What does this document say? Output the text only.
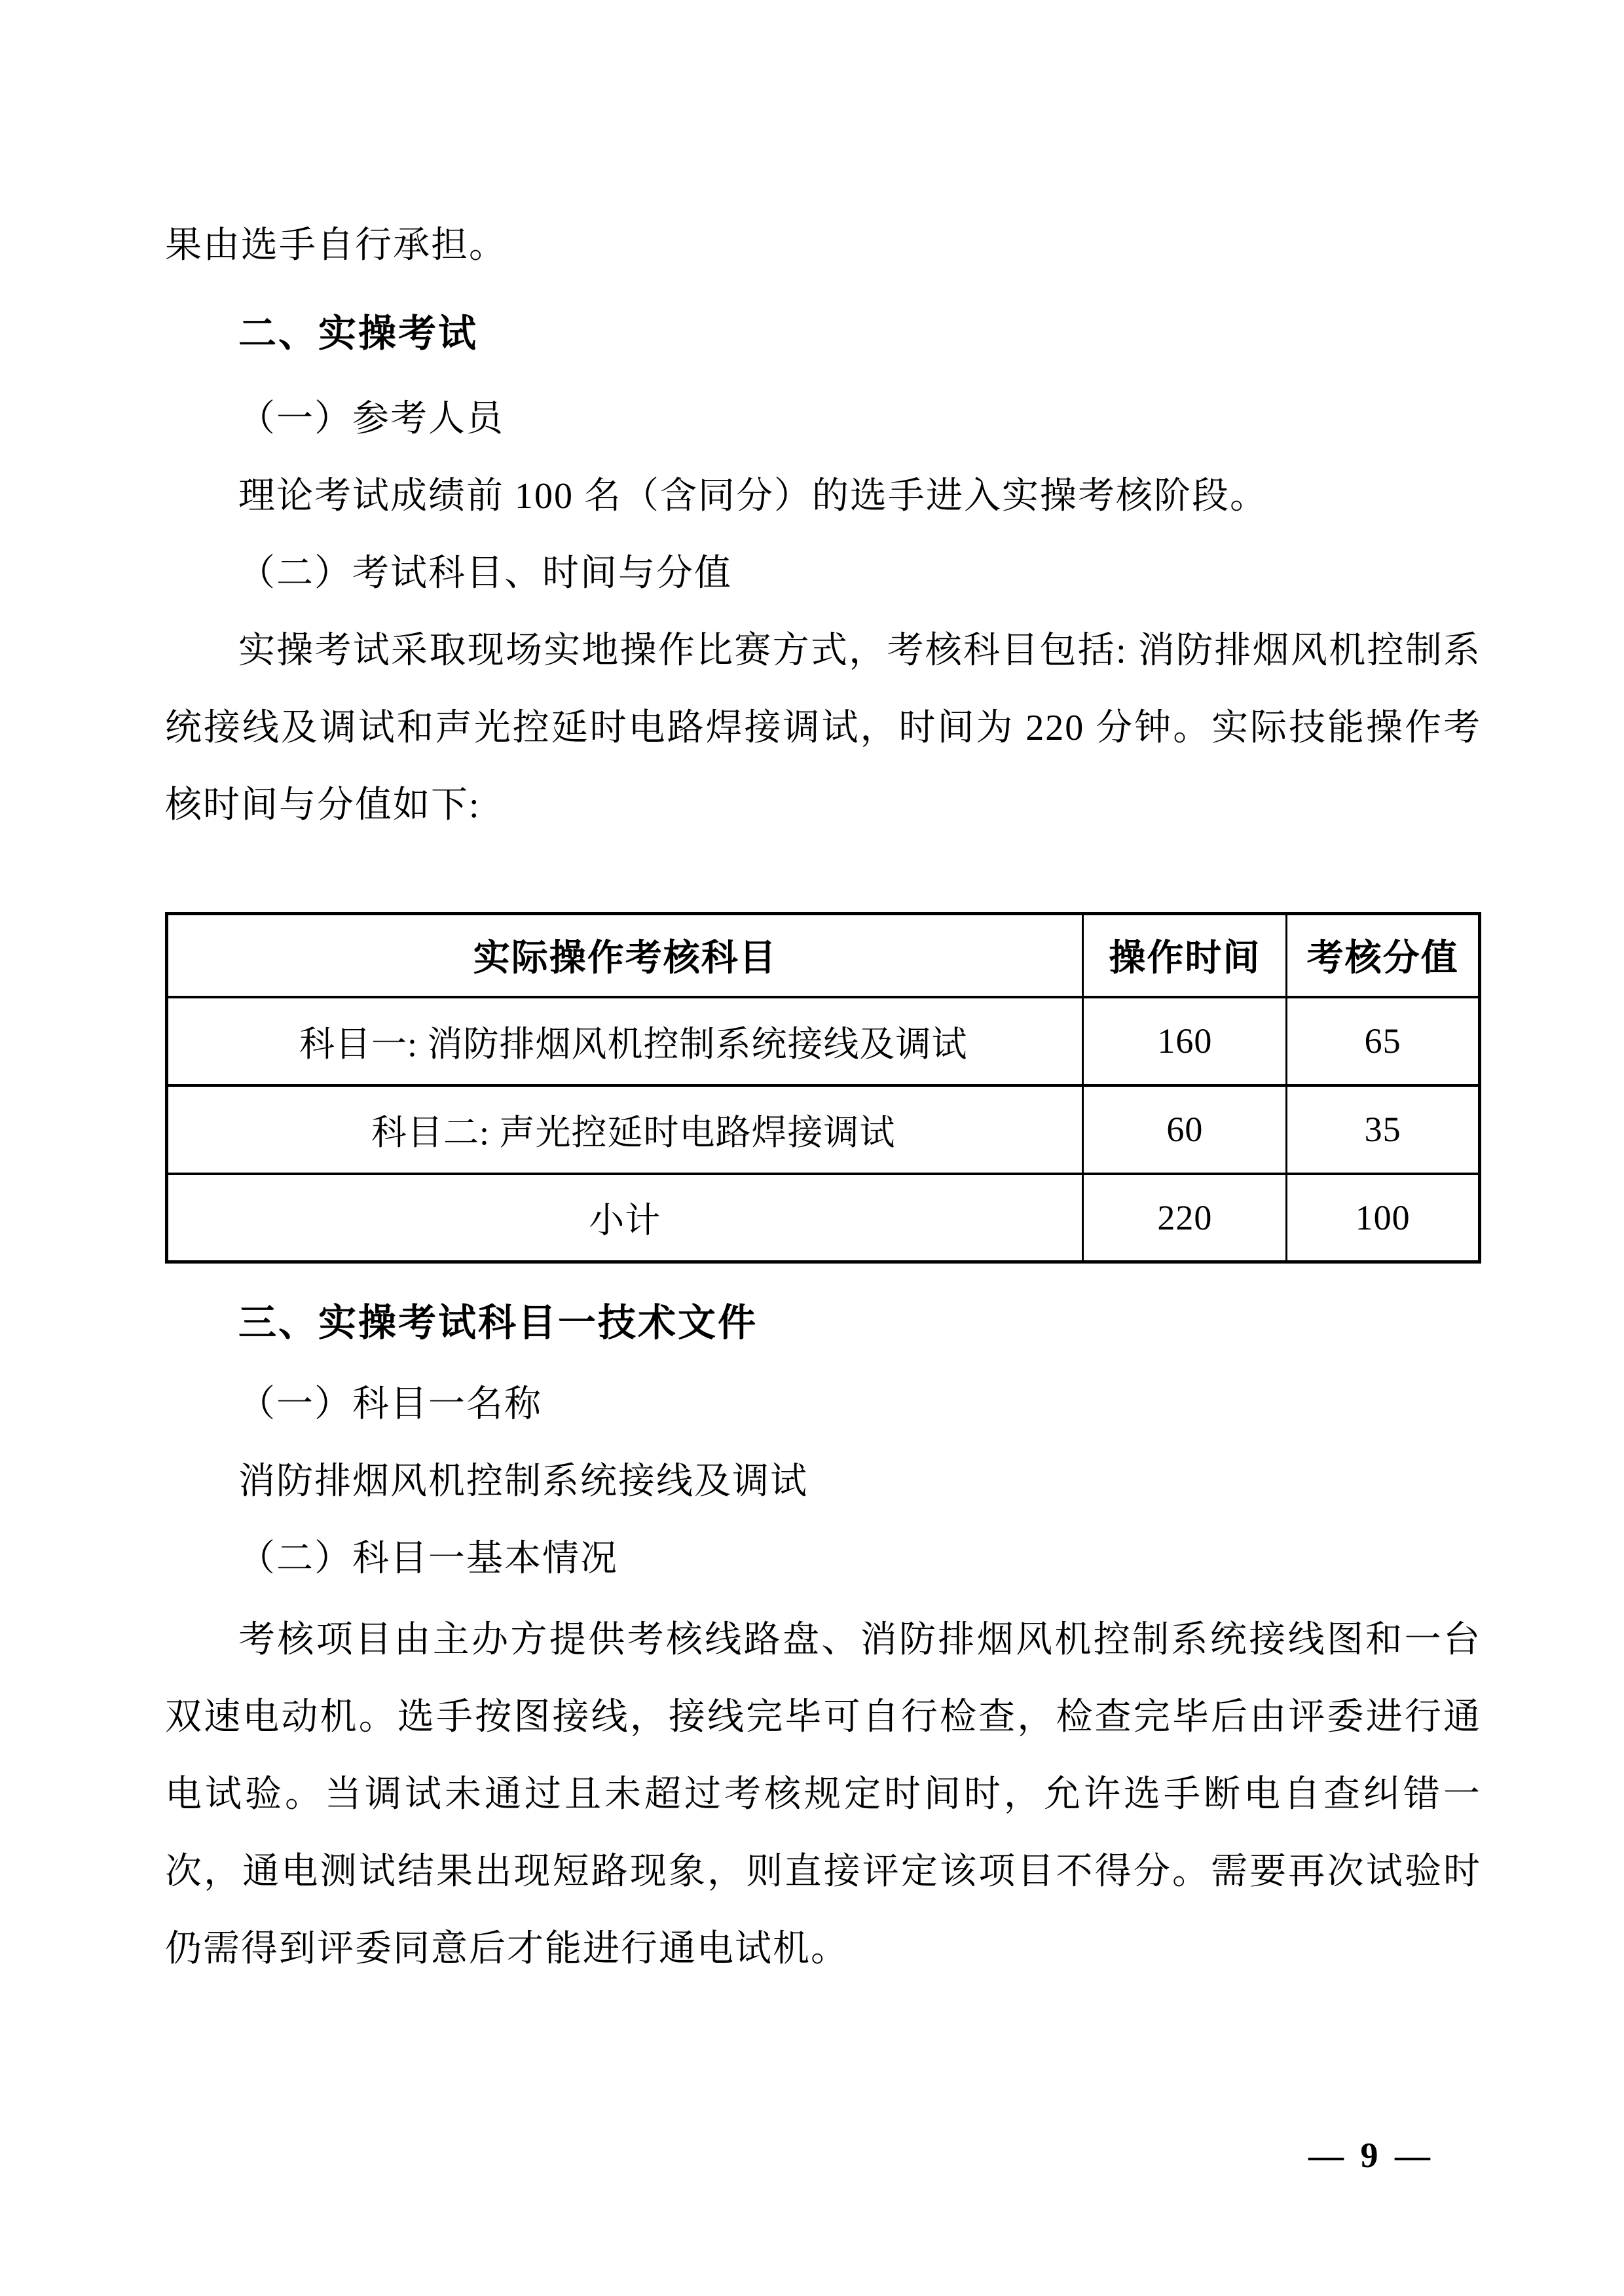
果由选手自行承担。

二、实操考试

（一）参考人员

理论考试成绩前 100 名（含同分）的选手进入实操考核阶段。

（二）考试科目、时间与分值

实操考试采取现场实地操作比赛方式，考核科目包括: 消防排烟风机控制系统接线及调试和声光控延时电路焊接调试，时间为 220 分钟。实际技能操作考核时间与分值如下:

实际操作考核科目	操作时间	考核分值
科目一: 消防排烟风机控制系统接线及调试	160	65
科目二: 声光控延时电路焊接调试	60	35
小计	220	100

三、实操考试科目一技术文件

（一）科目一名称

消防排烟风机控制系统接线及调试

（二）科目一基本情况

考核项目由主办方提供考核线路盘、消防排烟风机控制系统接线图和一台双速电动机。选手按图接线，接线完毕可自行检查，检查完毕后由评委进行通电试验。当调试未通过且未超过考核规定时间时，允许选手断电自查纠错一次，通电测试结果出现短路现象，则直接评定该项目不得分。需要再次试验时仍需得到评委同意后才能进行通电试机。

— 9 —
